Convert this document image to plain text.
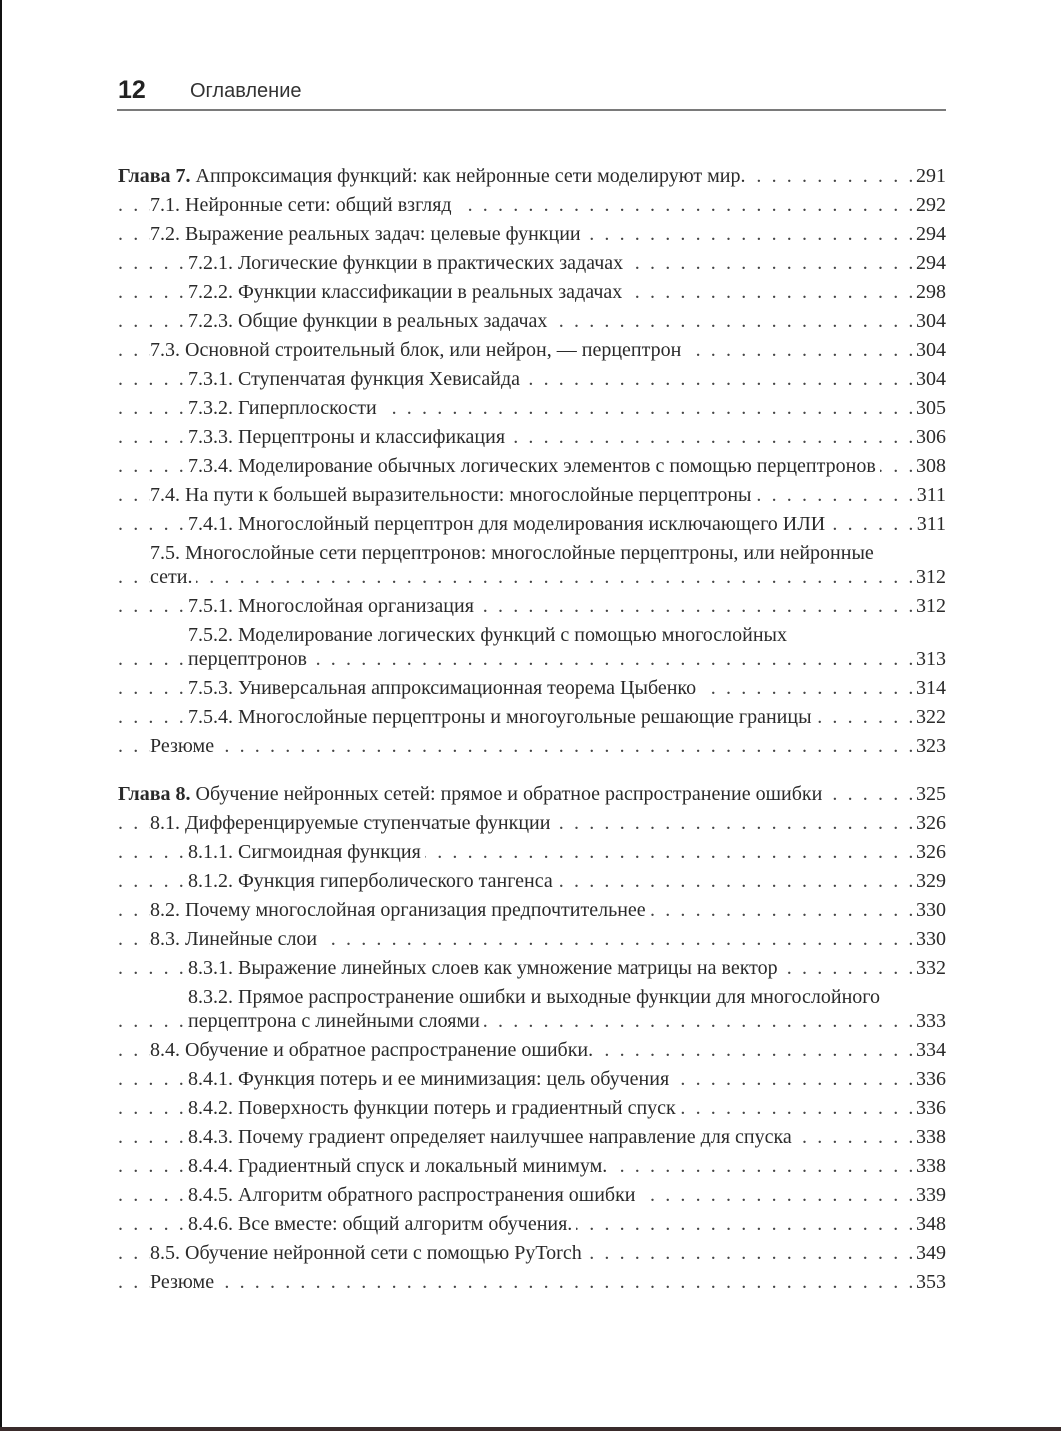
12 Оглавление
. . .
Глава 7. Аппроксимация функций: как нейронные сети моделируют мир.	291
. . .
7.1. Нейронные сети: общий взгляд	292
. . .
7.2. Выражение реальных задач: целевые функции	294
. . .
7.2.1. Логические функции в практических задачах	294
. . .
7.2.2. Функции классификации в реальных задачах	298
. . .
7.2.3. Общие функции в реальных задачах	304
. . .
7.3. Основной строительный блок, или нейрон, — перцептрон	304
. . .
7.3.1. Ступенчатая функция Хевисайда	304
. . .
7.3.2. Гиперплоскости	305
. . .
7.3.3. Перцептроны и классификация	306
. . .
7.3.4. Моделирование обычных логических элементов с помощью перцептронов 308
. . .
7.4. На пути к большей выразительности: многослойные перцептроны	311
. . .
7.4.1. Многослойный перцептрон для моделирования исключающего ИЛИ	311
. . .
7.5. Многослойные сети перцептронов: многослойные перцептроны, или нейронные сети.	312
. . .
7.5.1. Многослойная организация	312
. . .
7.5.2. Моделирование логических функций с помощью многослойных перцептронов	313
. . .
7.5.3. Универсальная аппроксимационная теорема Цыбенко	314
. . .
7.5.4. Многослойные перцептроны и многоугольные решающие границы	322
. . .
Резюме	323
. . .
Глава 8. Обучение нейронных сетей: прямое и обратное распространение ошибки	325
. . .
8.1. Дифференцируемые ступенчатые функции	326
. . .
8.1.1. Сигмоидная функция	326
. . .
8.1.2. Функция гиперболического тангенса	329
. . .
8.2. Почему многослойная организация предпочтительнее	330
. . .
8.3. Линейные слои	330
. . .
8.3.1. Выражение линейных слоев как умножение матрицы на вектор	332
. . .
8.3.2. Прямое распространение ошибки и выходные функции для многослойного перцептрона с линейными слоями	333
. . .
8.4. Обучение и обратное распространение ошибки.	334
. . .
8.4.1. Функция потерь и ее минимизация: цель обучения	336
. . .
8.4.2. Поверхность функции потерь и градиентный спуск	336
. . .
8.4.3. Почему градиент определяет наилучшее направление для спуска	338
. . .
8.4.4. Градиентный спуск и локальный минимум.	338
. . .
8.4.5. Алгоритм обратного распространения ошибки	339
. . .
8.4.6. Все вместе: общий алгоритм обучения.	348
. . .
8.5. Обучение нейронной сети с помощью PyTorch	349
. . .
Резюме	353
